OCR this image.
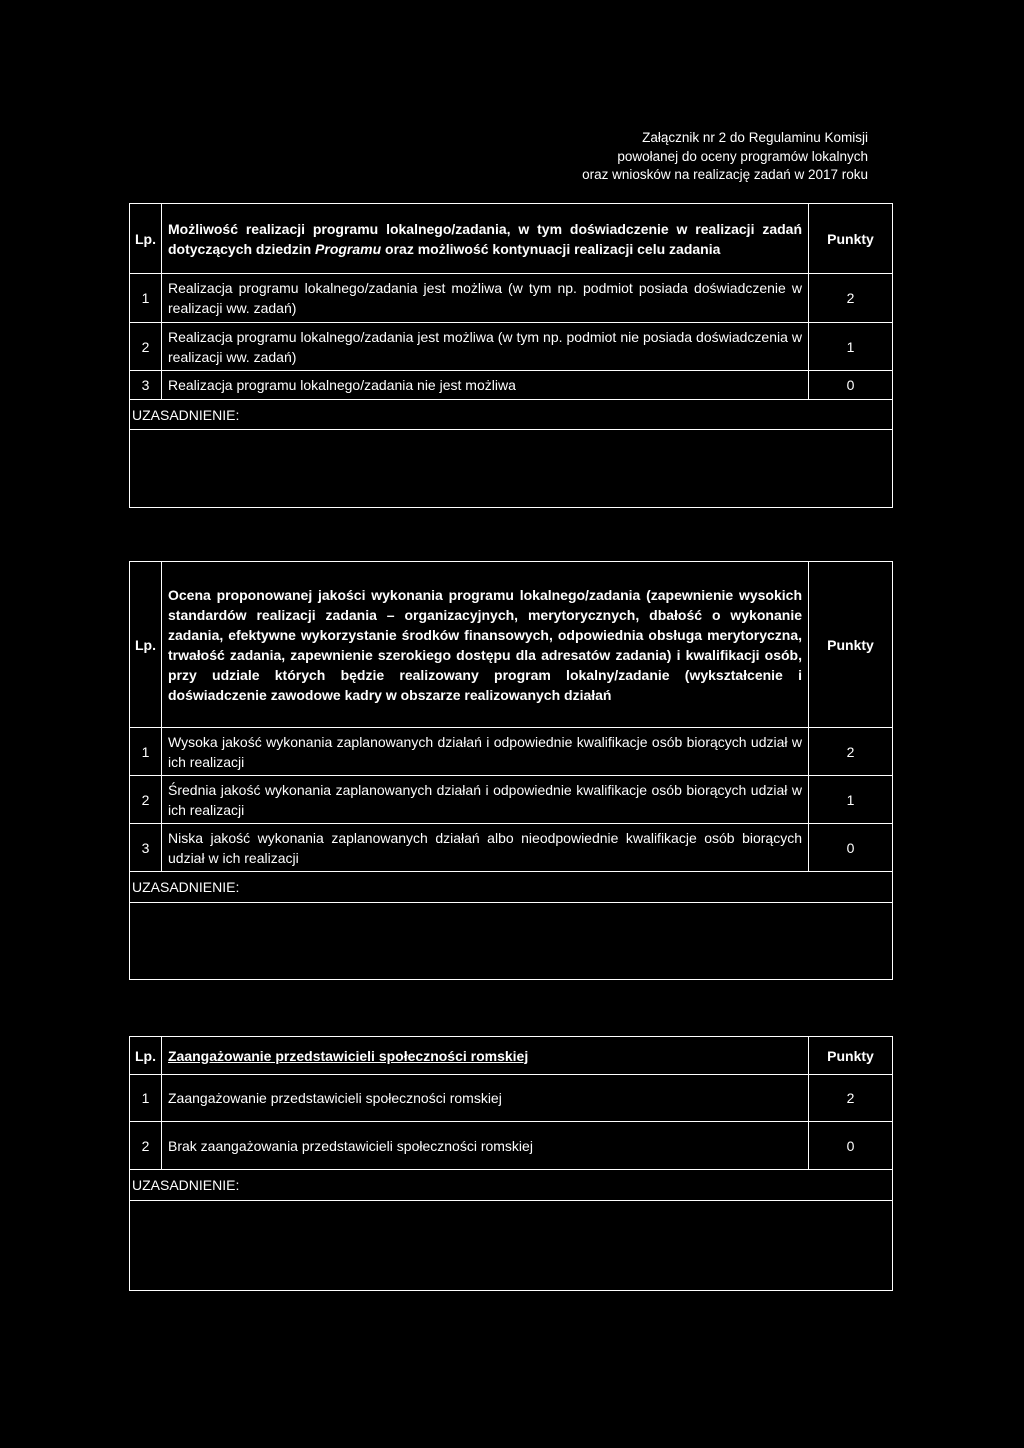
Załącznik nr 2 do Regulaminu Komisji
powołanej do oceny programów lokalnych
oraz wniosków na realizację zadań w 2017 roku
Lp.	Możliwość realizacji programu lokalnego/zadania, w tym doświadczenie w realizacji zadań dotyczących dziedzin Programu oraz możliwość kontynuacji realizacji celu zadania	Punkty
1	Realizacja programu lokalnego/zadania jest możliwa (w tym np. podmiot posiada doświadczenie w realizacji ww. zadań)	2
2	Realizacja programu lokalnego/zadania jest możliwa (w tym np. podmiot nie posiada doświadczenia w realizacji ww. zadań)	1
3	Realizacja programu lokalnego/zadania nie jest możliwa	0
UZASADNIENIE:		

Lp.	Ocena proponowanej jakości wykonania programu lokalnego/zadania (zapewnienie wysokich standardów realizacji zadania – organizacyjnych, merytorycznych, dbałość o wykonanie zadania, efektywne wykorzystanie środków finansowych, odpowiednia obsługa merytoryczna, trwałość zadania, zapewnienie szerokiego dostępu dla adresatów zadania) i kwalifikacji osób, przy udziale których będzie realizowany program lokalny/zadanie (wykształcenie i doświadczenie zawodowe kadry w obszarze realizowanych działań	Punkty
1	Wysoka jakość wykonania zaplanowanych działań i odpowiednie kwalifikacje osób biorących udział w ich realizacji	2
2	Średnia jakość wykonania zaplanowanych działań i odpowiednie kwalifikacje osób biorących udział w ich realizacji	1
3	Niska jakość wykonania zaplanowanych działań albo nieodpowiednie kwalifikacje osób biorących udział w ich realizacji	0
UZASADNIENIE:		

Lp.	Zaangażowanie przedstawicieli społeczności romskiej	Punkty
1	Zaangażowanie przedstawicieli społeczności romskiej	2
2	Brak zaangażowania przedstawicieli społeczności romskiej	0
UZASADNIENIE:		
